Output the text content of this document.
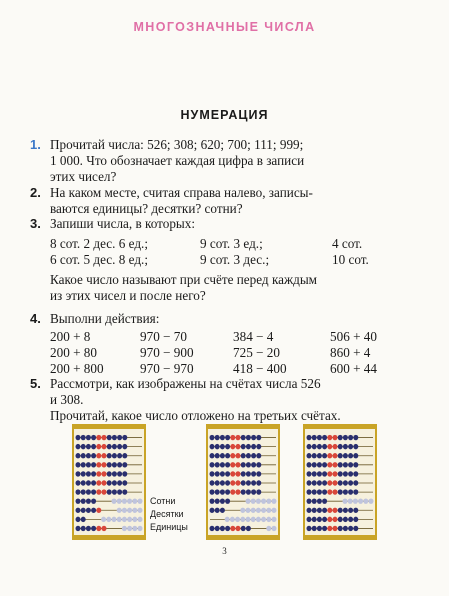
МНОГОЗНАЧНЫЕ ЧИСЛА
НУМЕРАЦИЯ
1. Прочитай числа: 526; 308; 620; 700; 111; 999;
1 000. Что обозначает каждая цифра в записи
этих чисел?
2. На каком месте, считая справа налево, записы-
ваются единицы? десятки? сотни?
3. Запиши числа, в которых:
8 сот. 2 дес. 6 ед.;	9 сот. 3 ед.;	4 сот.
6 сот. 5 дес. 8 ед.;	9 сот. 3 дес.;	10 сот.
Какое число называют при счёте перед каждым
из этих чисел и после него?
4. Выполни действия:
200 + 8	970 − 70	384 − 4	506 + 40
200 + 80	970 − 900	725 − 20	860 + 4
200 + 800	970 − 970	418 − 400	600 + 44
5. Рассмотри, как изображены на счётах числа 526
и 308.
Прочитай, какое число отложено на третьих счётах.
Сотни
Десятки
Единицы
3
